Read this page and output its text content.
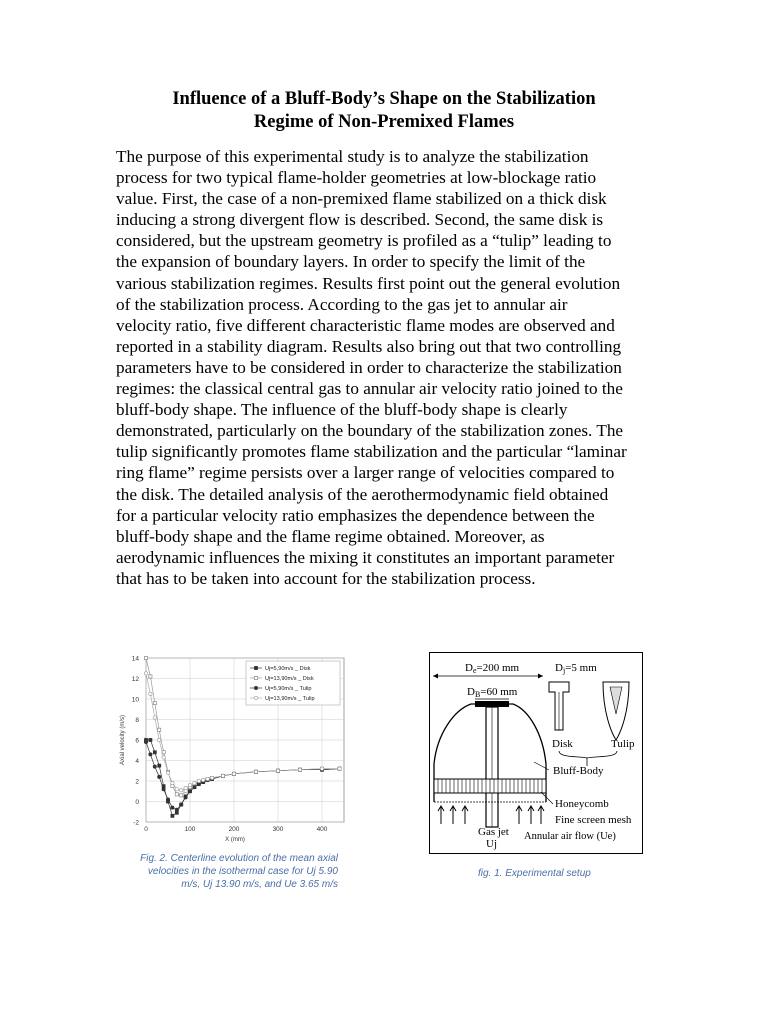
Influence of a Bluff-Body’s Shape on the Stabilization
Regime of Non-Premixed Flames
The purpose of this experimental study is to analyze the stabilization
process for two typical flame-holder geometries at low-blockage ratio
value. First, the case of a non-premixed flame stabilized on a thick disk
inducing a strong divergent flow is described. Second, the same disk is
considered, but the upstream geometry is profiled as a “tulip” leading to
the expansion of boundary layers. In order to specify the limit of the
various stabilization regimes. Results first point out the general evolution
of the stabilization process. According to the gas jet to annular air
velocity ratio, five different characteristic flame modes are observed and
reported in a stability diagram. Results also bring out that two controlling
parameters have to be considered in order to characterize the stabilization
regimes: the classical central gas to annular air velocity ratio joined to the
bluff-body shape. The influence of the bluff-body shape is clearly
demonstrated, particularly on the boundary of the stabilization zones. The
tulip significantly promotes flame stabilization and the particular “laminar
ring flame” regime persists over a larger range of velocities compared to
the disk. The detailed analysis of the aerothermodynamic field obtained
for a particular velocity ratio emphasizes the dependence between the
bluff-body shape and the flame regime obtained. Moreover, as
aerodynamic influences the mixing it constitutes an important parameter
that has to be taken into account for the stabilization process.
-2
0
2
4
6
8
10
12
14
0	100	200	300	400
X (mm)
Axial velocity (m/s)
Uj=5,90m/s _ Disk
Uj=13,90m/s _ Disk
Uj=5,90m/s _ Tulip
Uj=13,90m/s _ Tulip
Fig. 2. Centerline evolution of the mean axial
velocities in the isothermal case for Uj 5.90
m/s, Uj 13.90 m/s, and Ue 3.65 m/s
De=200 mm	Dj=5 mm
DB=60 mm
Disk	Tulip
Bluff-Body
Honeycomb
Fine screen mesh
Gas jet
Uj
Annular air flow (Ue)
fig. 1. Experimental setup
